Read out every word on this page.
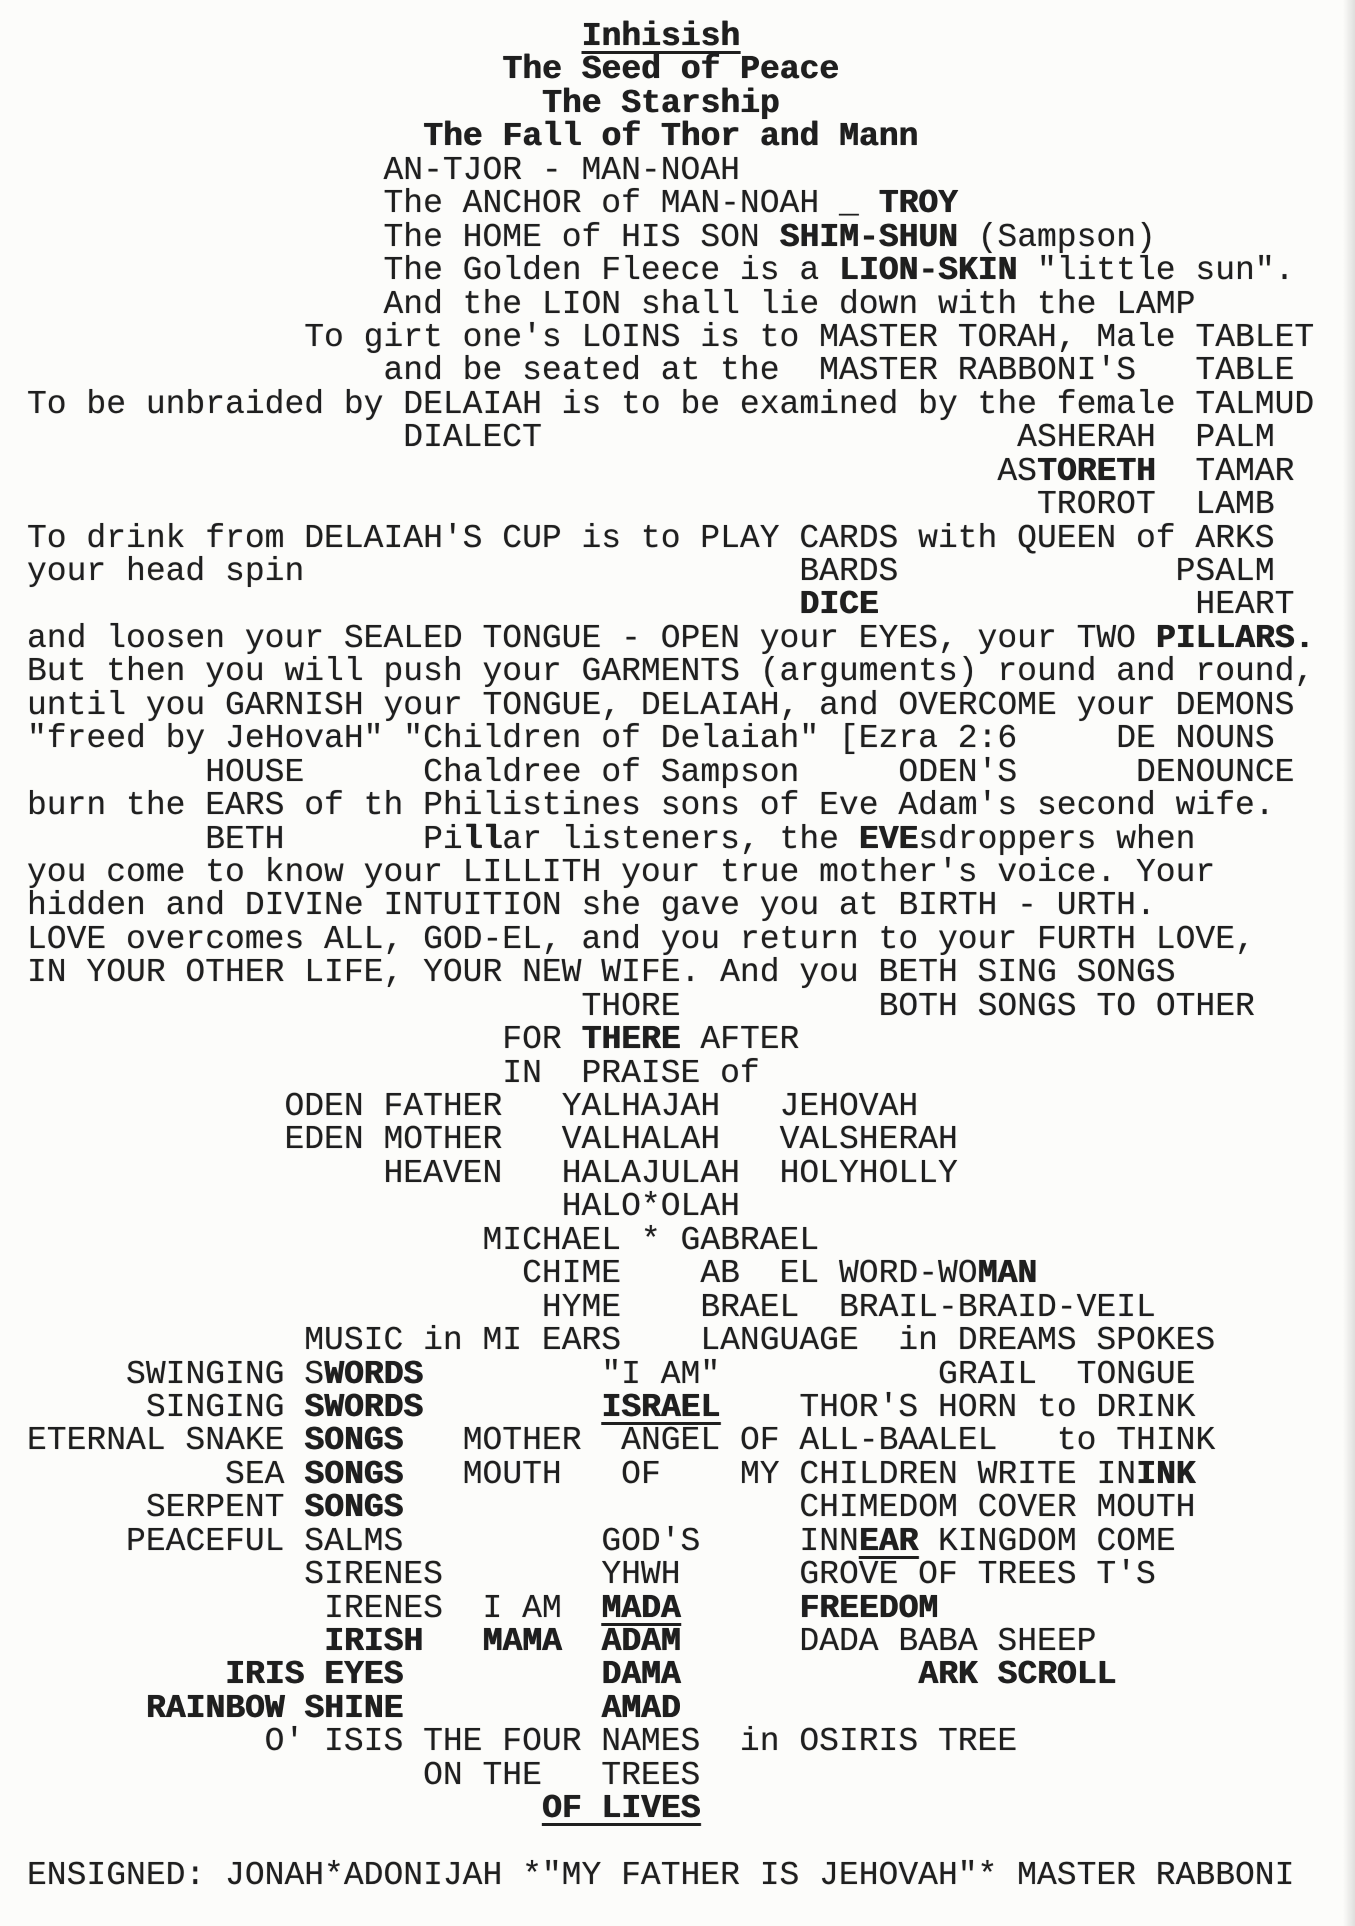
Inhisish
The Seed of Peace
The Starship
The Fall of Thor and Mann
AN-TJOR - MAN-NOAH
The ANCHOR of MAN-NOAH _ TROY
The HOME of HIS SON SHIM-SHUN (Sampson)
The Golden Fleece is a LION-SKIN "little sun".
And the LION shall lie down with the LAMP
To girt one's LOINS is to MASTER TORAH, Male TABLET
and be seated at the  MASTER RABBONI'S   TABLE
To be unbraided by DELAIAH is to be examined by the female TALMUD
DIALECT	ASHERAH PALM
ASTORETH TAMAR
TROROT LAMB
To drink from DELAIAH'S CUP is to PLAY CARDS with QUEEN of ARKS
your head spin	BARDS	PSALM
DICE	HEART
and loosen your SEALED TONGUE - OPEN your EYES, your TWO PILLARS.
But then you will push your GARMENTS (arguments) round and round,
until you GARNISH your TONGUE, DELAIAH, and OVERCOME your DEMONS
"freed by JeHovaH" "Children of Delaiah" [Ezra 2:6	DE NOUNS
HOUSE	Chaldree of Sampson	ODEN'S	DENOUNCE
burn the EARS of th Philistines sons of Eve Adam's second wife.
BETH	Pillar listeners, the EVEsdroppers when
you come to know your LILLITH your true mother's voice. Your
hidden and DIVINe INTUITION she gave you at BIRTH - URTH.
LOVE overcomes ALL, GOD-EL, and you return to your FURTH LOVE,
IN YOUR OTHER LIFE, YOUR NEW WIFE. And you BETH SING SONGS
THORE	BOTH SONGS TO OTHER
FOR THERE AFTER
IN  PRAISE of
ODEN FATHER YALHAJAH JEHOVAH
EDEN MOTHER VALHALAH VALSHERAH
HEAVEN HALAJULAH HOLYHOLLY
HALO*OLAH
MICHAEL * GABRAEL
CHIME AB EL WORD-WOMAN
HYME BRAEL BRAIL-BRAID-VEIL
MUSIC in MI EARS LANGUAGE  in DREAMS SPOKES
SWINGING SWORDS	"I AM"	GRAIL TONGUE
SINGING SWORDS	ISRAEL THOR'S HORN to DRINK
ETERNAL SNAKE SONGS MOTHER ANGEL OF ALL-BAALEL to THINK
SEA SONGS MOUTH OF MY CHILDREN WRITE ININK
SERPENT SONGS	CHIMEDOM COVER MOUTH
PEACEFUL SALMS	GOD'S	INNEAR KINGDOM COME
SIRENES	YHWH	GROVE OF TREES T'S
IRENES I AM MADA	FREEDOM
IRISH MAMA ADAM	DADA BABA SHEEP
IRIS EYES	DAMA	ARK SCROLL
RAINBOW SHINE	AMAD
O' ISIS THE FOUR NAMES in OSIRIS TREE
ON THE   TREES
OF LIVES

ENSIGNED: JONAH*ADONIJAH *"MY FATHER IS JEHOVAH"* MASTER RABBONI
